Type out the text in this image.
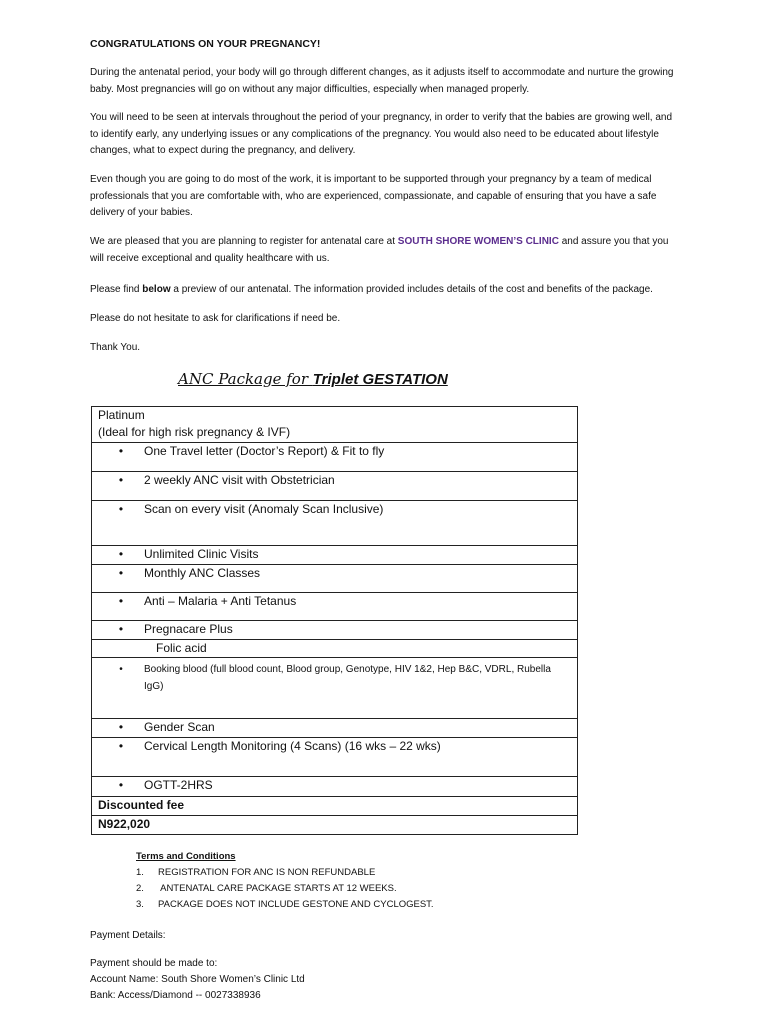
CONGRATULATIONS ON YOUR PREGNANCY!

During the antenatal period, your body will go through different changes, as it adjusts itself to accommodate and nurture the growing baby. Most pregnancies will go on without any major difficulties, especially when managed properly.

You will need to be seen at intervals throughout the period of your pregnancy, in order to verify that the babies are growing well, and to identify early, any underlying issues or any complications of the pregnancy. You would also need to be educated about lifestyle changes, what to expect during the pregnancy, and delivery.

Even though you are going to do most of the work, it is important to be supported through your pregnancy by a team of medical professionals that you are comfortable with, who are experienced, compassionate, and capable of ensuring that you have a safe delivery of your babies.

We are pleased that you are planning to register for antenatal care at SOUTH SHORE WOMEN’S CLINIC and assure you that you will receive exceptional and quality healthcare with us.

Please find below a preview of our antenatal. The information provided includes details of the cost and benefits of the package.

Please do not hesitate to ask for clarifications if need be.

Thank You.

ANC Package for Triplet GESTATION
Platinum
(Ideal for high risk pregnancy & IVF)

•	One Travel letter (Doctor’s Report) & Fit to fly

•	2 weekly ANC visit with Obstetrician

•	Scan on every visit (Anomaly Scan Inclusive)

•	Unlimited Clinic Visits

•	Monthly ANC Classes

•	Anti – Malaria + Anti Tetanus

•	Pregnacare Plus

Folic acid

•	Booking blood (full blood count, Blood group, Genotype, HIV 1&2, Hep B&C, VDRL, Rubella IgG)

•	Gender Scan

•	Cervical Length Monitoring (4 Scans) (16 wks – 22 wks)

•	OGTT-2HRS

Discounted fee
N922,020
Terms and Conditions
1. REGISTRATION FOR ANC IS NON REFUNDABLE
2. ANTENATAL CARE PACKAGE STARTS AT 12 WEEKS.
3. PACKAGE DOES NOT INCLUDE GESTONE AND CYCLOGEST.
Payment Details:
Payment should be made to:
Account Name: South Shore Women’s Clinic Ltd
Bank: Access/Diamond -- 0027338936
